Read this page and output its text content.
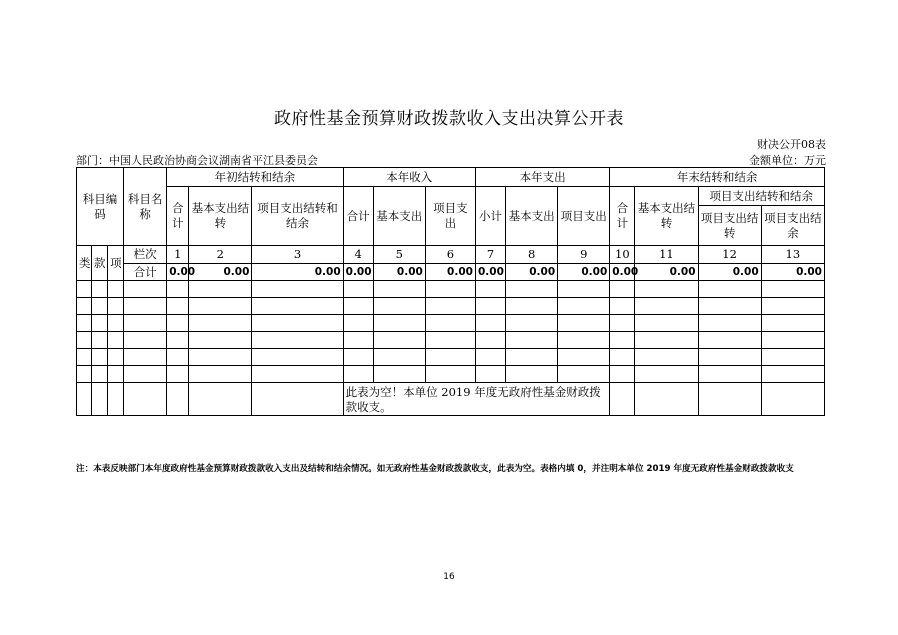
政府性基金预算财政拨款收入支出决算公开表
财决公开08表
部门：中国人民政治协商会议湖南省平江县委员会	金额单位：万元
科目编码			科目名称	年初结转和结余			本年收入			本年支出			年末结转和结余			
				合计	基本支出结转	项目支出结转和结余	合计	基本支出	项目支出	小计	基本支出	项目支出	合计	基本支出结转	项目支出结转和结余	
															项目支出结转	项目支出结余
类	款	项	栏次	1	2	3	4	5	6	7	8	9	10	11	12	13
			合计	0.00	0.00	0.00	0.00	0.00	0.00	0.00	0.00	0.00	0.00	0.00	0.00	0.00

							此表为空！本单位 2019 年度无政府性基金财政拨款收支。									
注：本表反映部门本年度政府性基金预算财政拨款收入支出及结转和结余情况。如无政府性基金财政拨款收支，此表为空。表格内填 0，并注明本单位 2019 年度无政府性基金财政拨款收支
16
